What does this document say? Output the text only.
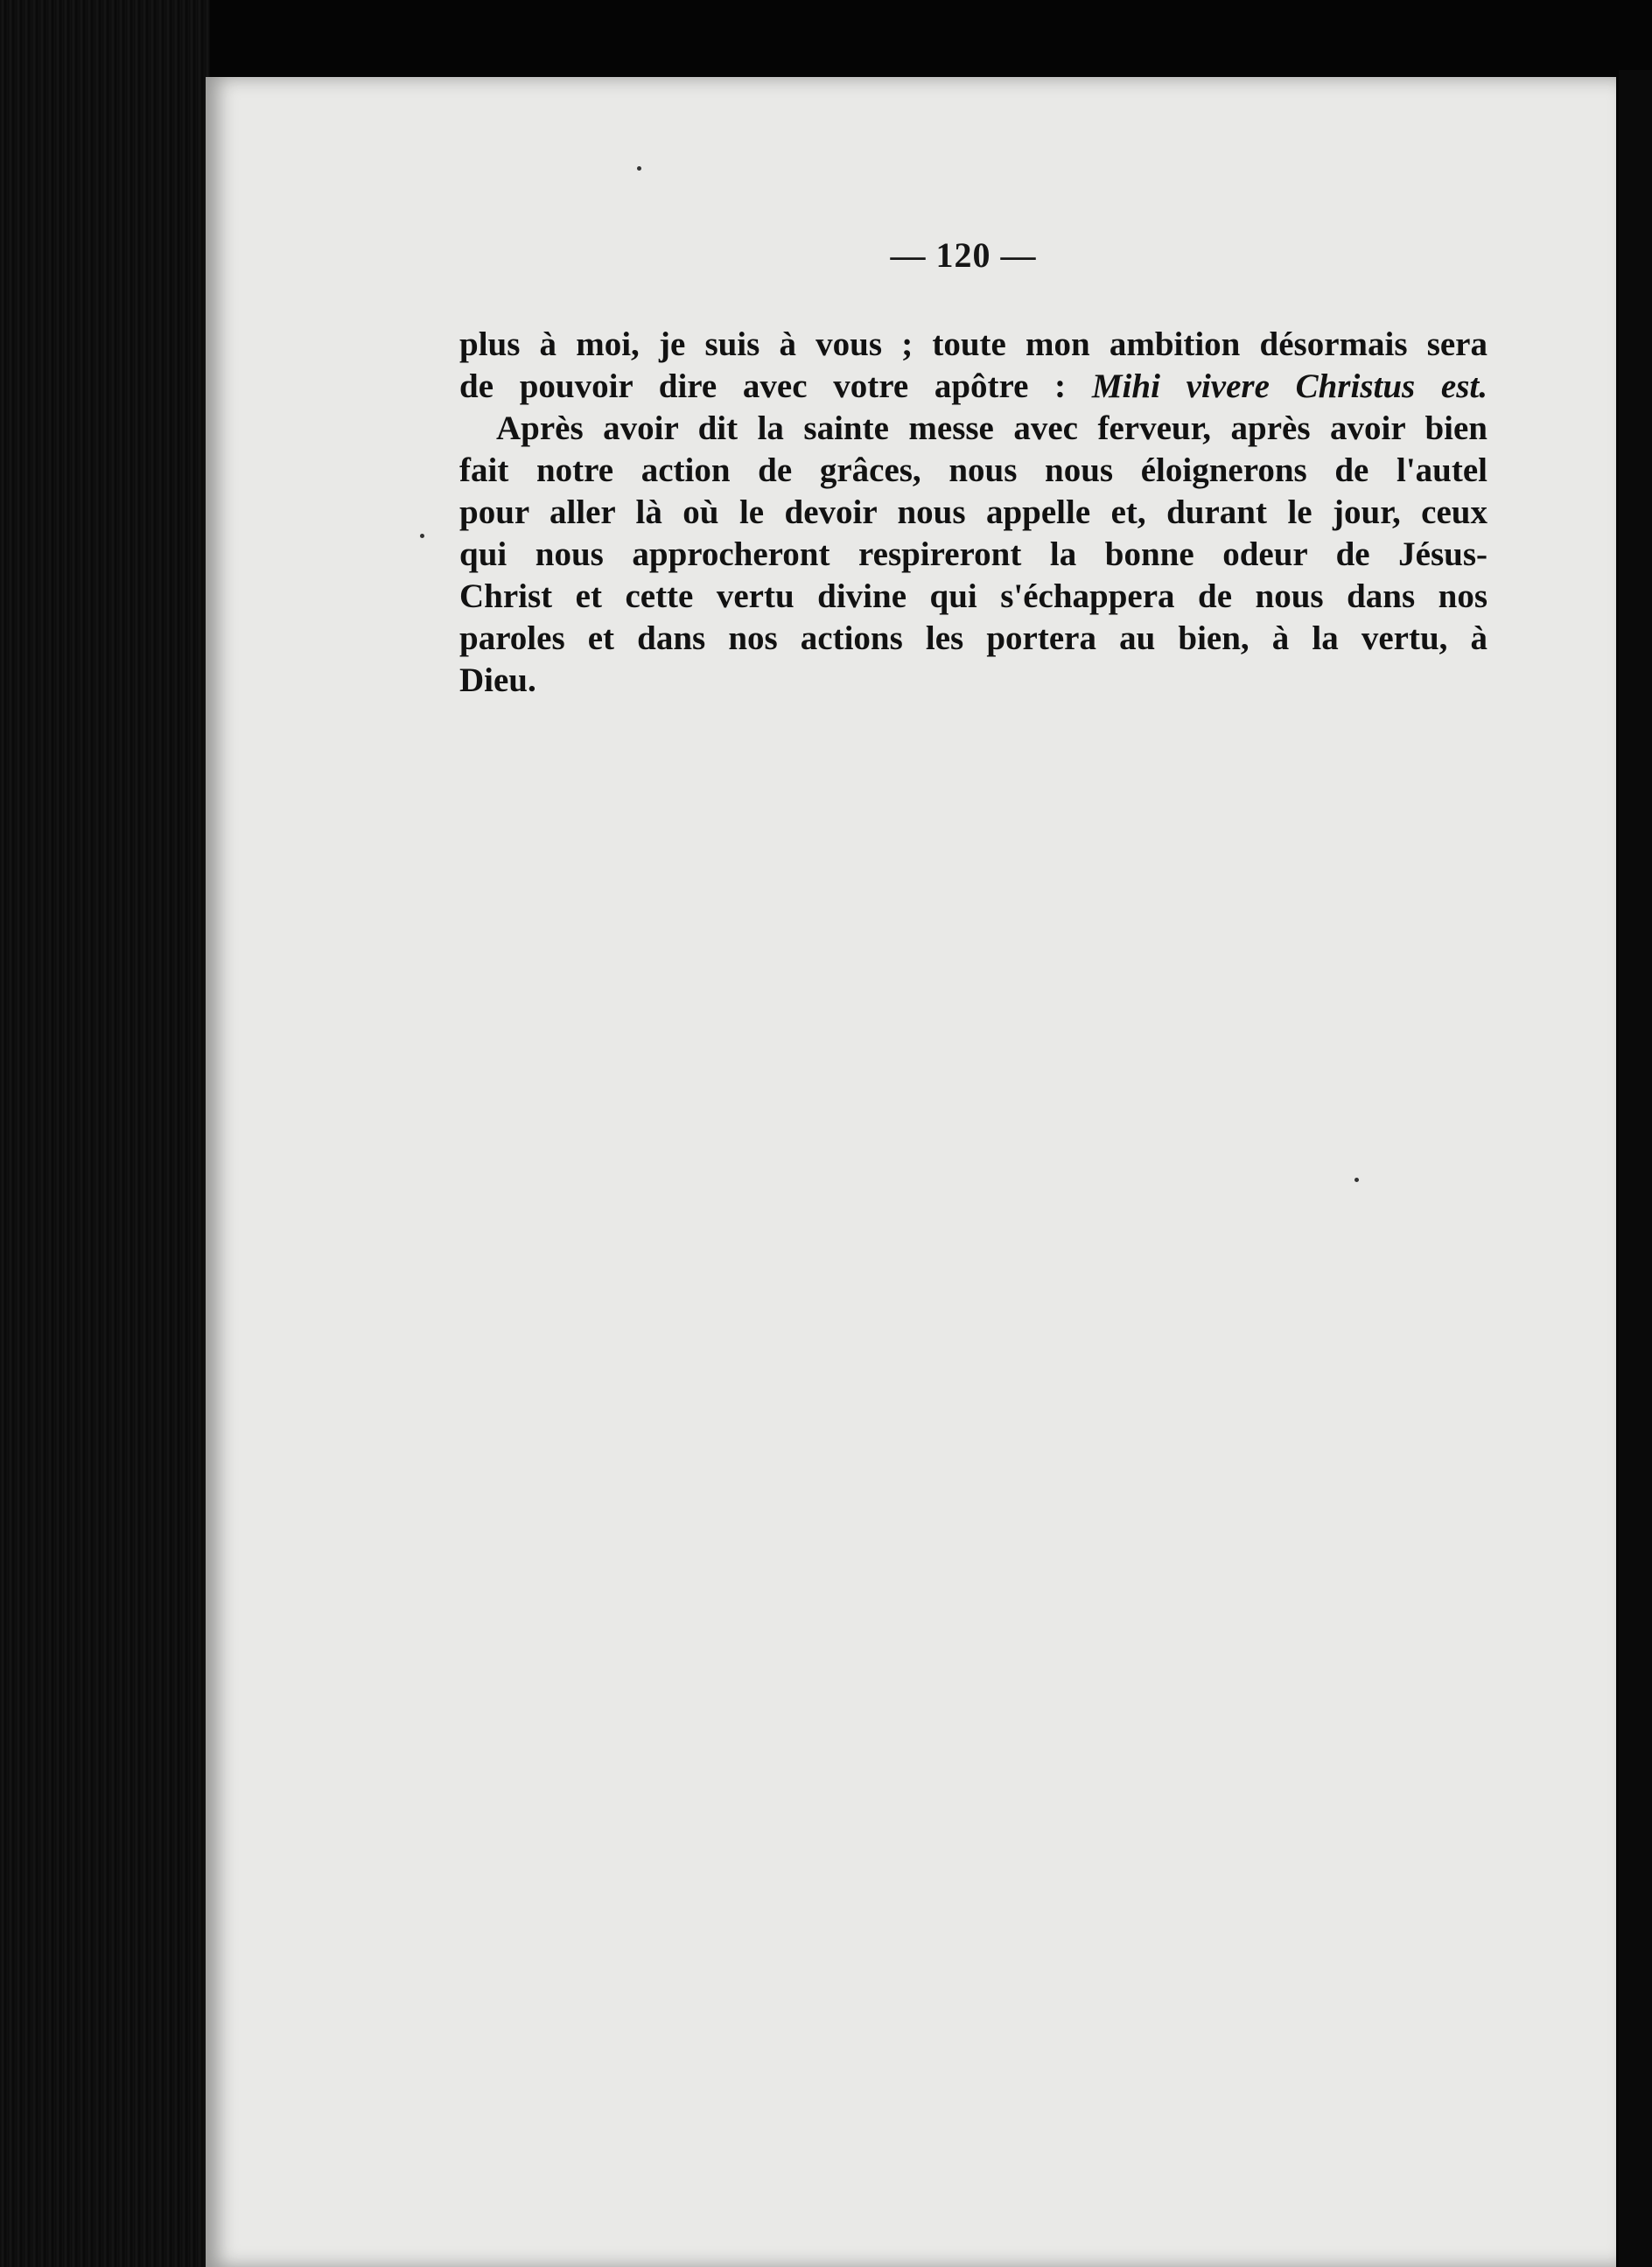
— 120 —
plus à moi, je suis à vous ; toute mon ambition désormais sera
de pouvoir dire avec votre apôtre : Mihi vivere Christus est.
Après avoir dit la sainte messe avec ferveur, après avoir bien
fait notre action de grâces, nous nous éloignerons de l'autel
pour aller là où le devoir nous appelle et, durant le jour, ceux
qui nous approcheront respireront la bonne odeur de Jésus-
Christ et cette vertu divine qui s'échappera de nous dans nos
paroles et dans nos actions les portera au bien, à la vertu, à
Dieu.
